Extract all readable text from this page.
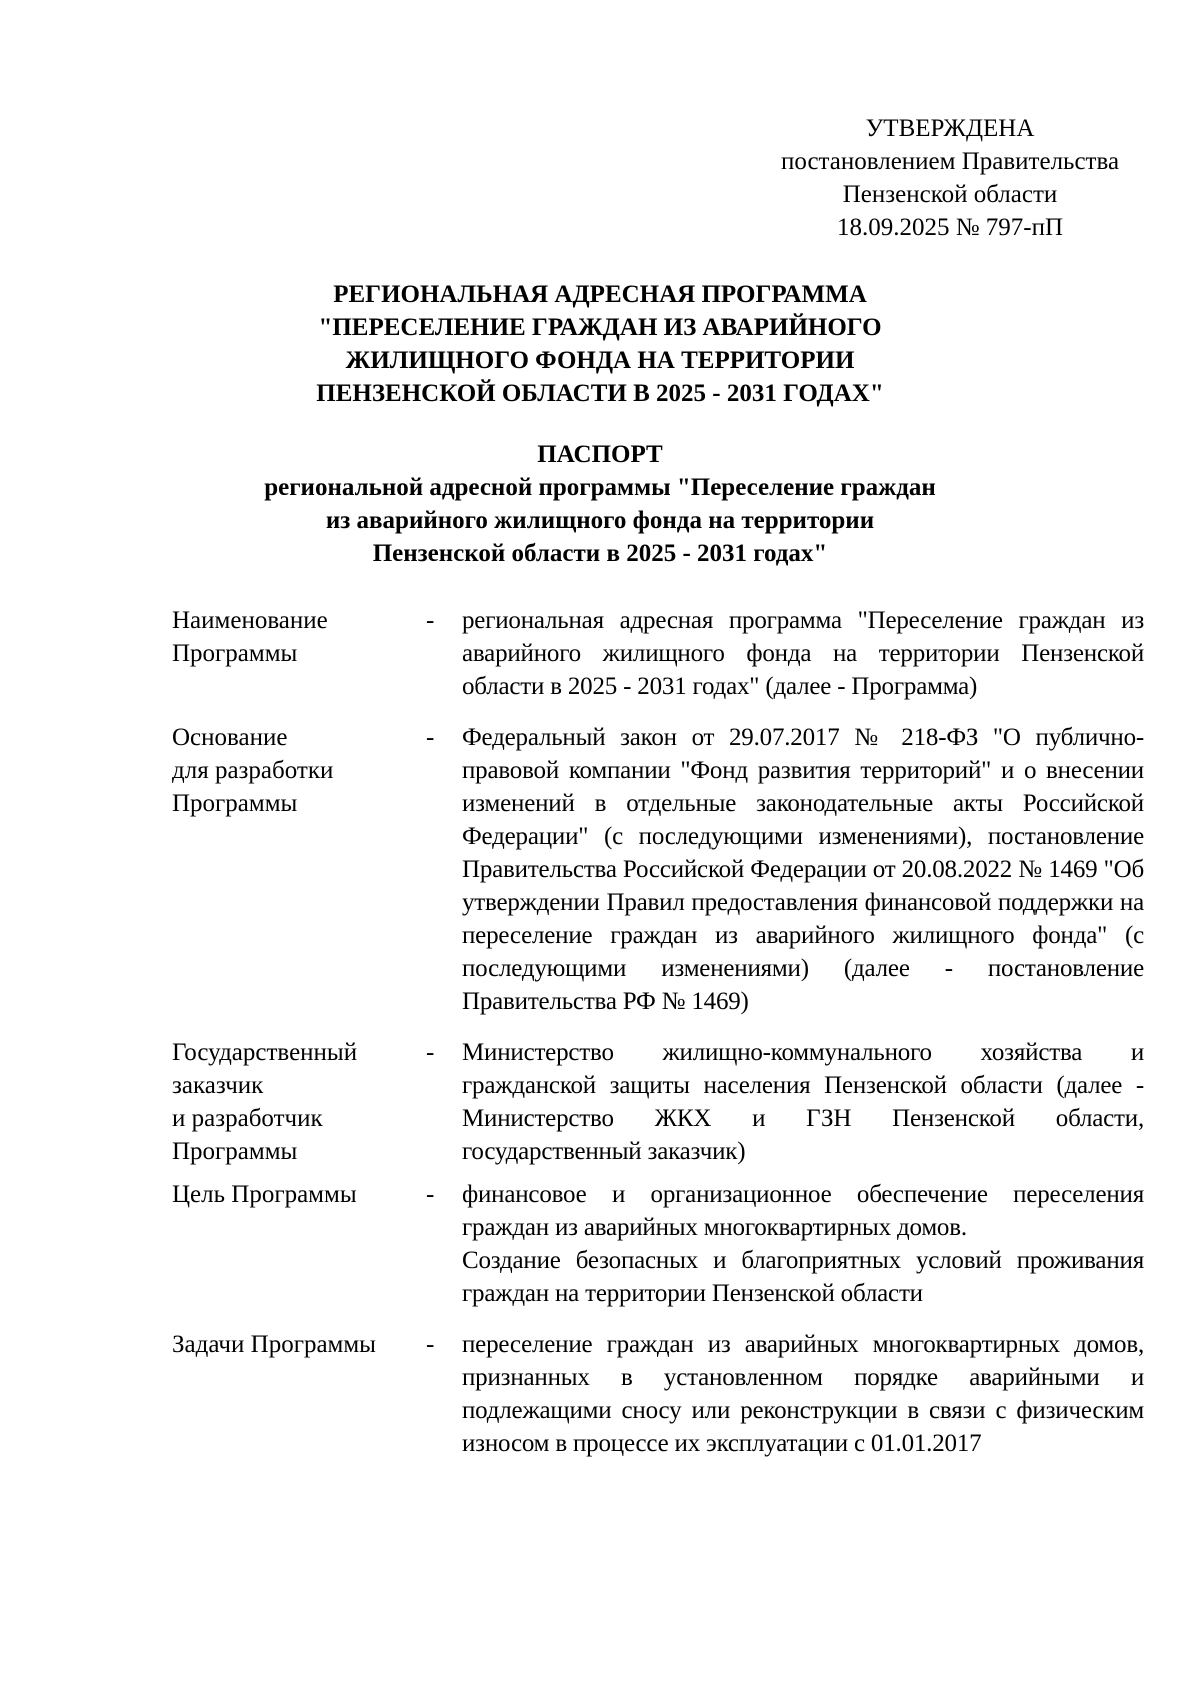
УТВЕРЖДЕНА
постановлением Правительства
Пензенской области
18.09.2025 № 797-пП
РЕГИОНАЛЬНАЯ АДРЕСНАЯ ПРОГРАММА
"ПЕРЕСЕЛЕНИЕ ГРАЖДАН ИЗ АВАРИЙНОГО
ЖИЛИЩНОГО ФОНДА НА ТЕРРИТОРИИ
ПЕНЗЕНСКОЙ ОБЛАСТИ В 2025 - 2031 ГОДАХ"
ПАСПОРТ
региональной адресной программы "Переселение граждан
из аварийного жилищного фонда на территории
Пензенской области в 2025 - 2031 годах"
Наименование
Программы
-	региональная адресная программа "Переселение граждан из аварийного жилищного фонда на территории Пензенской области в 2025 - 2031 годах" (далее - Программа)

Основание
для разработки
Программы
-	Федеральный закон от 29.07.2017 № 218-ФЗ "О публично-правовой компании "Фонд развития территорий" и о внесении изменений в отдельные законодательные акты Российской Федерации" (с последующими изменениями), постановление Правительства Российской Федерации от 20.08.2022 № 1469 "Об утверждении Правил предоставления финансовой поддержки на переселение граждан из аварийного жилищного фонда" (с последующими изменениями) (далее - постановление Правительства РФ № 1469)

Государственный
заказчик
и разработчик
Программы
-	Министерство жилищно-коммунального хозяйства и гражданской защиты населения Пензенской области (далее - Министерство ЖКХ и ГЗН Пензенской области, государственный заказчик)

Цель Программы	-	финансовое и организационное обеспечение переселения граждан из аварийных многоквартирных домов.

Создание безопасных и благоприятных условий проживания граждан на территории Пензенской области

Задачи Программы	-	переселение граждан из аварийных многоквартирных домов, признанных в установленном порядке аварийными и подлежащими сносу или реконструкции в связи с физическим износом в процессе их эксплуатации с 01.01.2017
